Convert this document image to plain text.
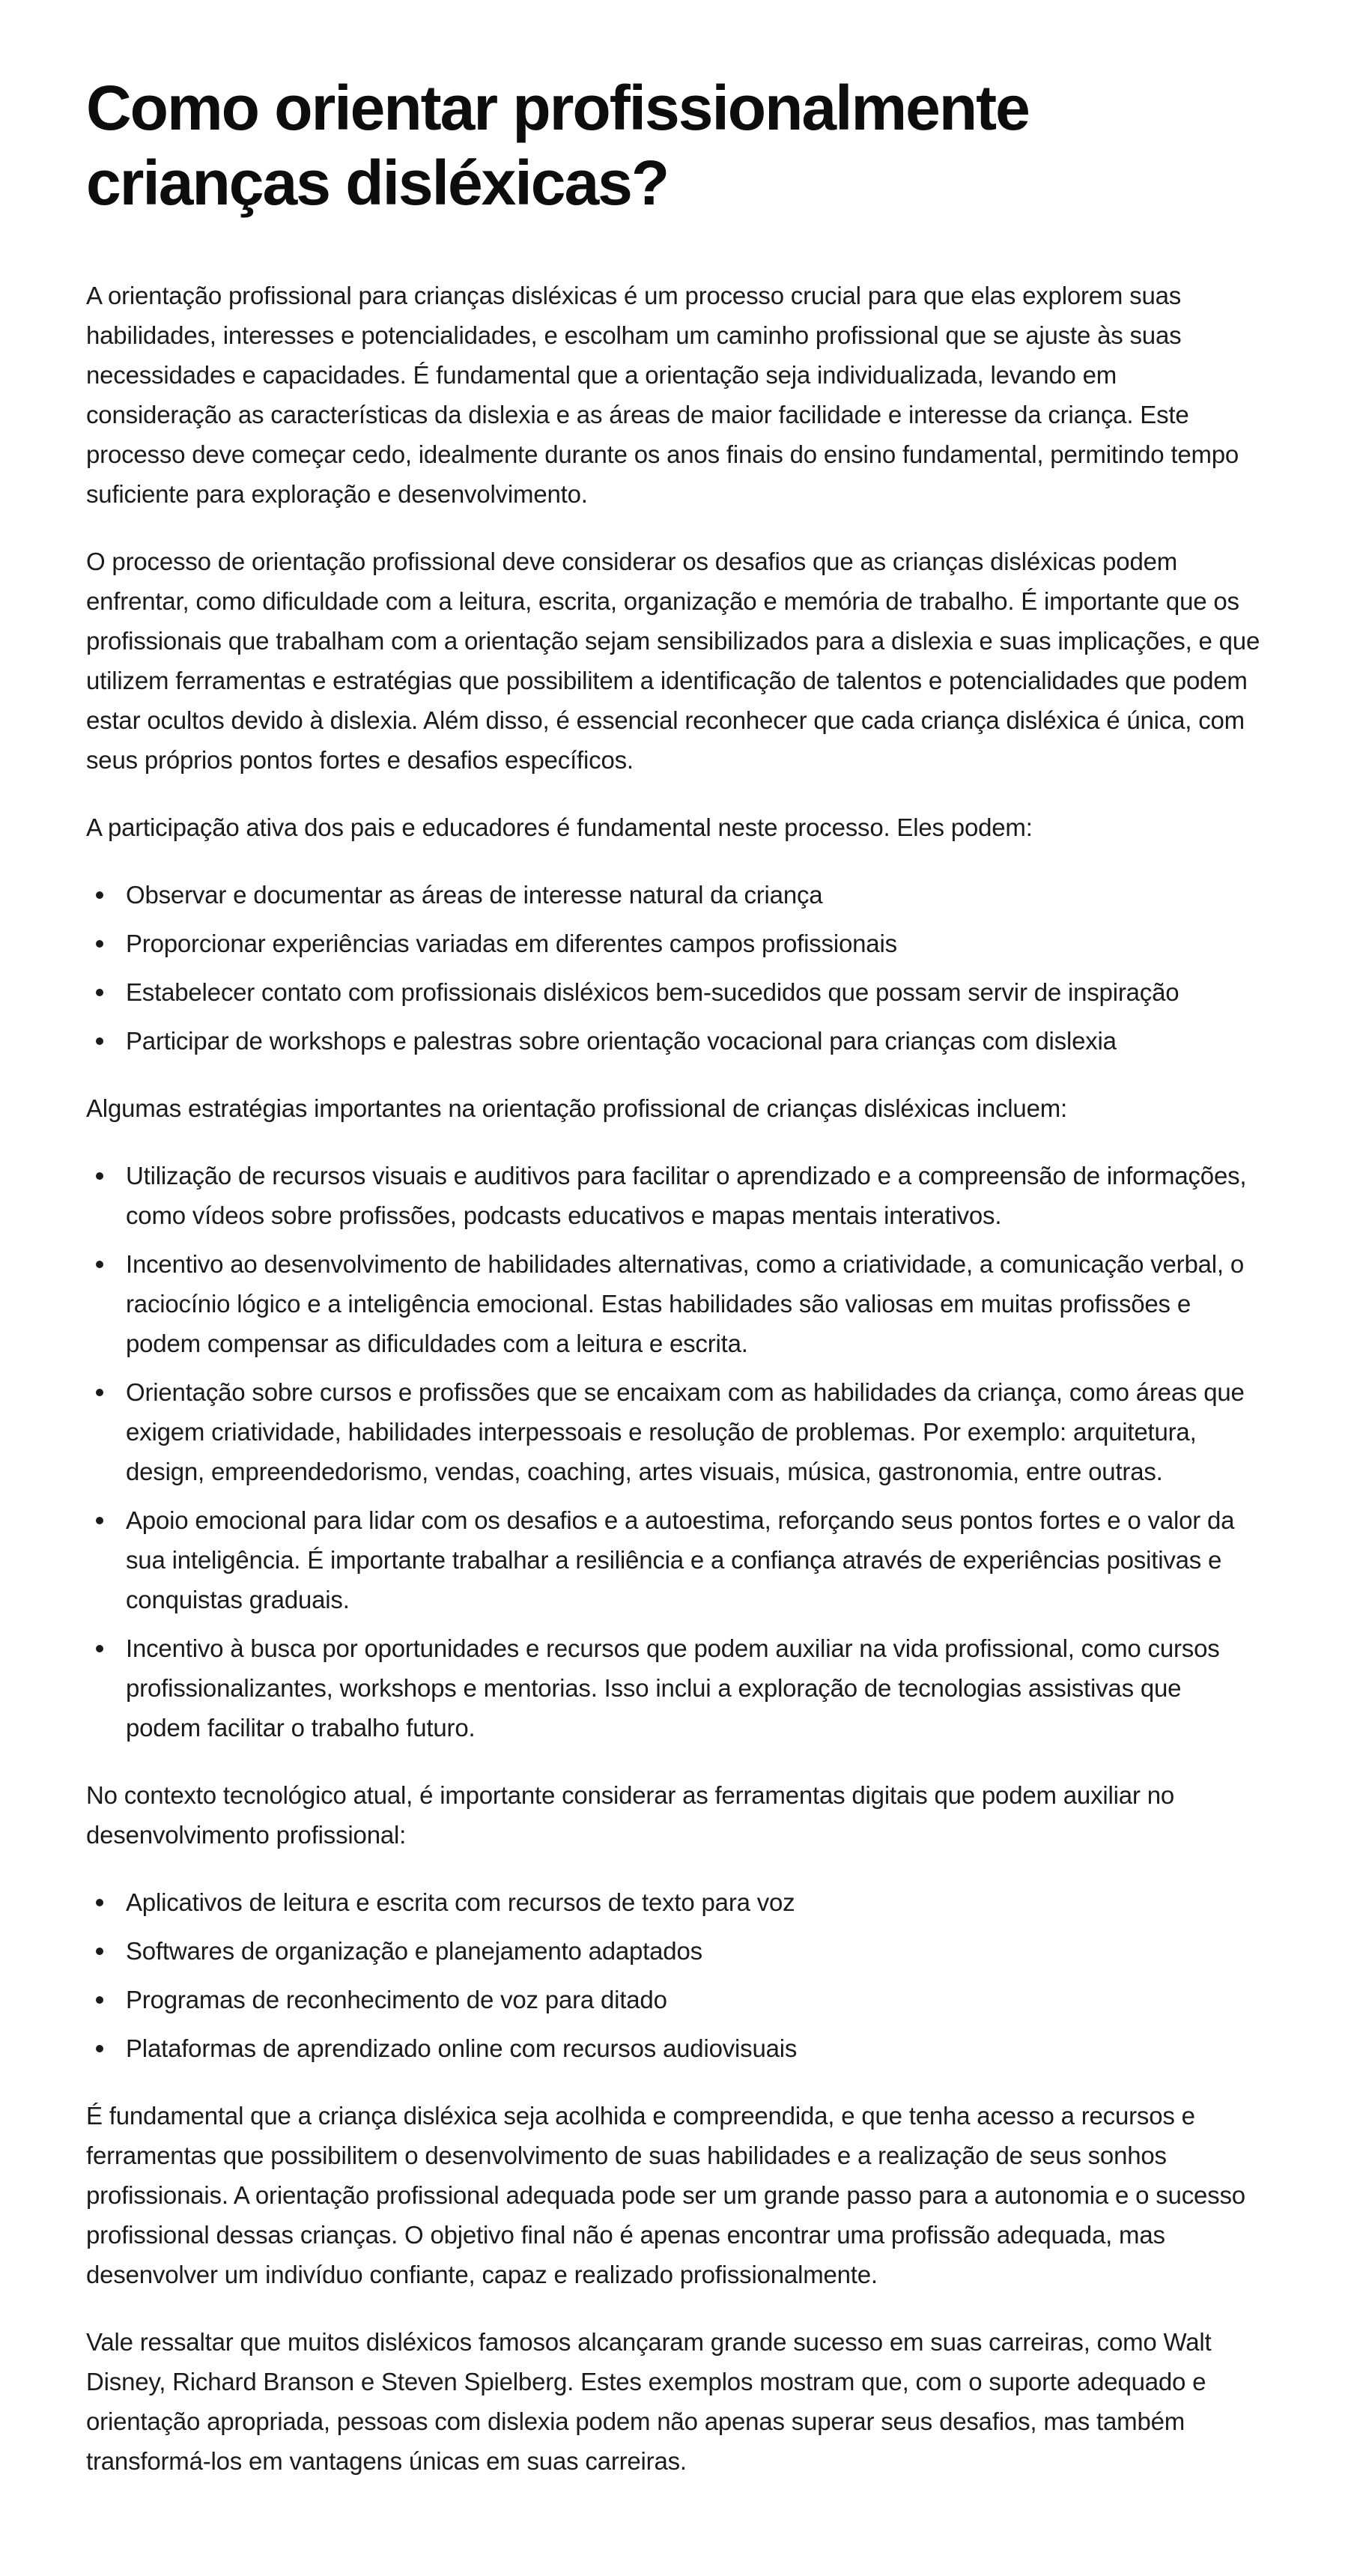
Como orientar profissionalmente crianças disléxicas?

A orientação profissional para crianças disléxicas é um processo crucial para que elas explorem suas habilidades, interesses e potencialidades, e escolham um caminho profissional que se ajuste às suas necessidades e capacidades. É fundamental que a orientação seja individualizada, levando em consideração as características da dislexia e as áreas de maior facilidade e interesse da criança. Este processo deve começar cedo, idealmente durante os anos finais do ensino fundamental, permitindo tempo suficiente para exploração e desenvolvimento.

O processo de orientação profissional deve considerar os desafios que as crianças disléxicas podem enfrentar, como dificuldade com a leitura, escrita, organização e memória de trabalho. É importante que os profissionais que trabalham com a orientação sejam sensibilizados para a dislexia e suas implicações, e que utilizem ferramentas e estratégias que possibilitem a identificação de talentos e potencialidades que podem estar ocultos devido à dislexia. Além disso, é essencial reconhecer que cada criança disléxica é única, com seus próprios pontos fortes e desafios específicos.

A participação ativa dos pais e educadores é fundamental neste processo. Eles podem:

Observar e documentar as áreas de interesse natural da criança
Proporcionar experiências variadas em diferentes campos profissionais
Estabelecer contato com profissionais disléxicos bem-sucedidos que possam servir de inspiração
Participar de workshops e palestras sobre orientação vocacional para crianças com dislexia

Algumas estratégias importantes na orientação profissional de crianças disléxicas incluem:

Utilização de recursos visuais e auditivos para facilitar o aprendizado e a compreensão de informações, como vídeos sobre profissões, podcasts educativos e mapas mentais interativos.
Incentivo ao desenvolvimento de habilidades alternativas, como a criatividade, a comunicação verbal, o raciocínio lógico e a inteligência emocional. Estas habilidades são valiosas em muitas profissões e podem compensar as dificuldades com a leitura e escrita.
Orientação sobre cursos e profissões que se encaixam com as habilidades da criança, como áreas que exigem criatividade, habilidades interpessoais e resolução de problemas. Por exemplo: arquitetura, design, empreendedorismo, vendas, coaching, artes visuais, música, gastronomia, entre outras.
Apoio emocional para lidar com os desafios e a autoestima, reforçando seus pontos fortes e o valor da sua inteligência. É importante trabalhar a resiliência e a confiança através de experiências positivas e conquistas graduais.
Incentivo à busca por oportunidades e recursos que podem auxiliar na vida profissional, como cursos profissionalizantes, workshops e mentorias. Isso inclui a exploração de tecnologias assistivas que podem facilitar o trabalho futuro.

No contexto tecnológico atual, é importante considerar as ferramentas digitais que podem auxiliar no desenvolvimento profissional:

Aplicativos de leitura e escrita com recursos de texto para voz
Softwares de organização e planejamento adaptados
Programas de reconhecimento de voz para ditado
Plataformas de aprendizado online com recursos audiovisuais

É fundamental que a criança disléxica seja acolhida e compreendida, e que tenha acesso a recursos e ferramentas que possibilitem o desenvolvimento de suas habilidades e a realização de seus sonhos profissionais. A orientação profissional adequada pode ser um grande passo para a autonomia e o sucesso profissional dessas crianças. O objetivo final não é apenas encontrar uma profissão adequada, mas desenvolver um indivíduo confiante, capaz e realizado profissionalmente.

Vale ressaltar que muitos disléxicos famosos alcançaram grande sucesso em suas carreiras, como Walt Disney, Richard Branson e Steven Spielberg. Estes exemplos mostram que, com o suporte adequado e orientação apropriada, pessoas com dislexia podem não apenas superar seus desafios, mas também transformá-los em vantagens únicas em suas carreiras.
